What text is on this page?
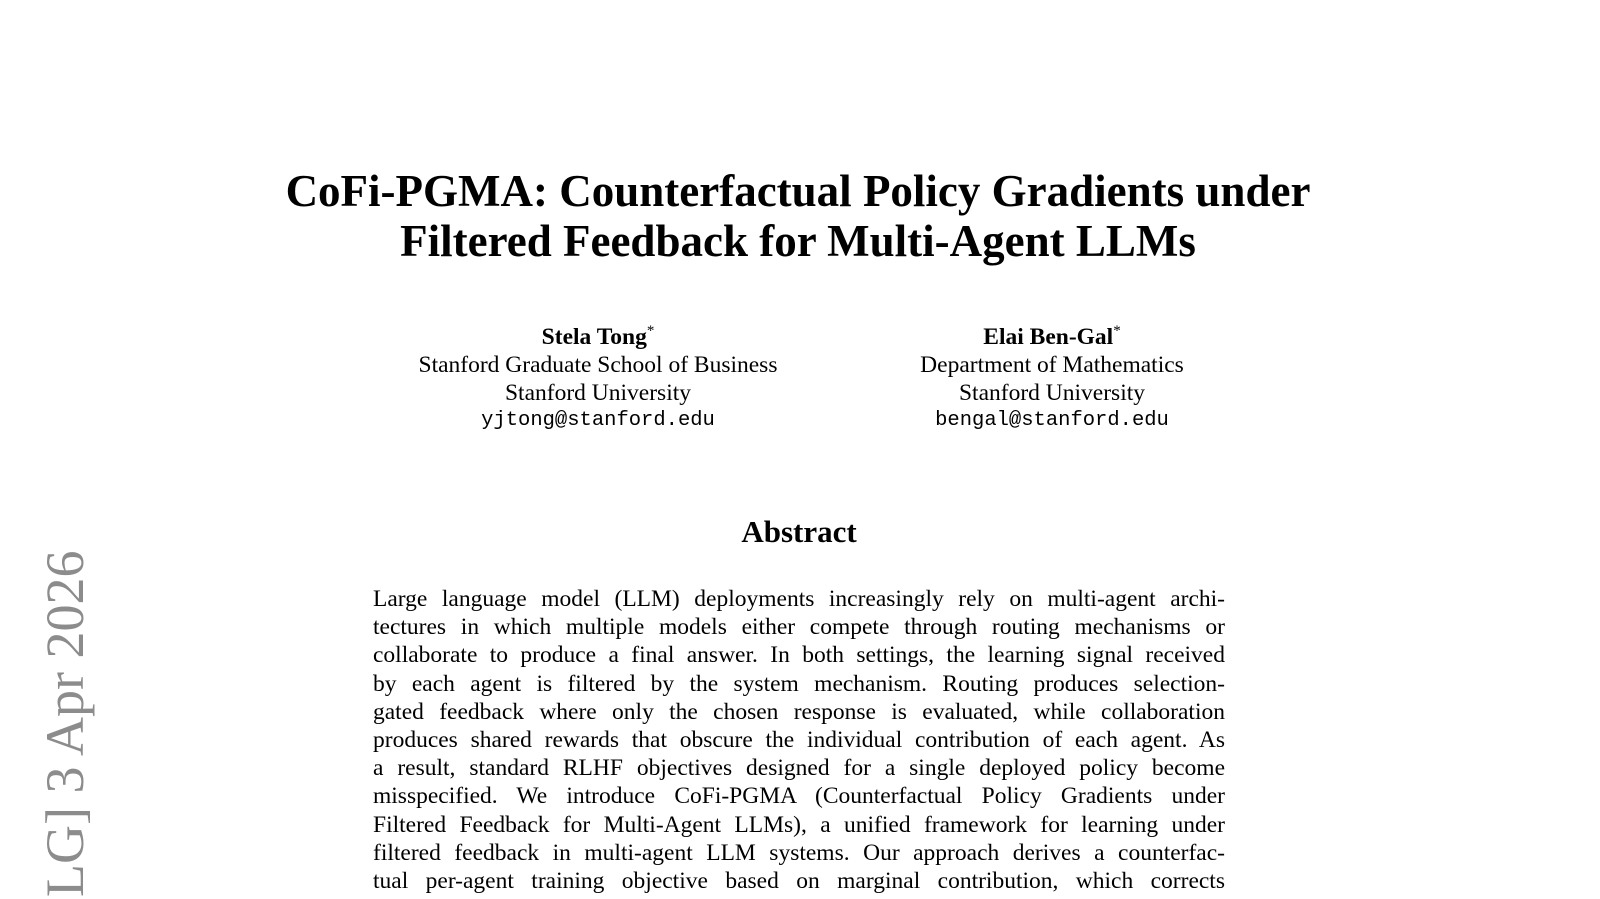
CoFi-PGMA: Counterfactual Policy Gradients under
Filtered Feedback for Multi-Agent LLMs
Stela Tong*
Stanford Graduate School of Business
Stanford University
yjtong@stanford.edu
Elai Ben-Gal*
Department of Mathematics
Stanford University
bengal@stanford.edu
Abstract
Large language model (LLM) deployments increasingly rely on multi-agent archi-
tectures in which multiple models either compete through routing mechanisms or
collaborate to produce a final answer. In both settings, the learning signal received
by each agent is filtered by the system mechanism. Routing produces selection-
gated feedback where only the chosen response is evaluated, while collaboration
produces shared rewards that obscure the individual contribution of each agent. As
a result, standard RLHF objectives designed for a single deployed policy become
misspecified. We introduce CoFi-PGMA (Counterfactual Policy Gradients under
Filtered Feedback for Multi-Agent LLMs), a unified framework for learning under
filtered feedback in multi-agent LLM systems. Our approach derives a counterfac-
tual per-agent training objective based on marginal contribution, which corrects
LG] 3 Apr 2026
